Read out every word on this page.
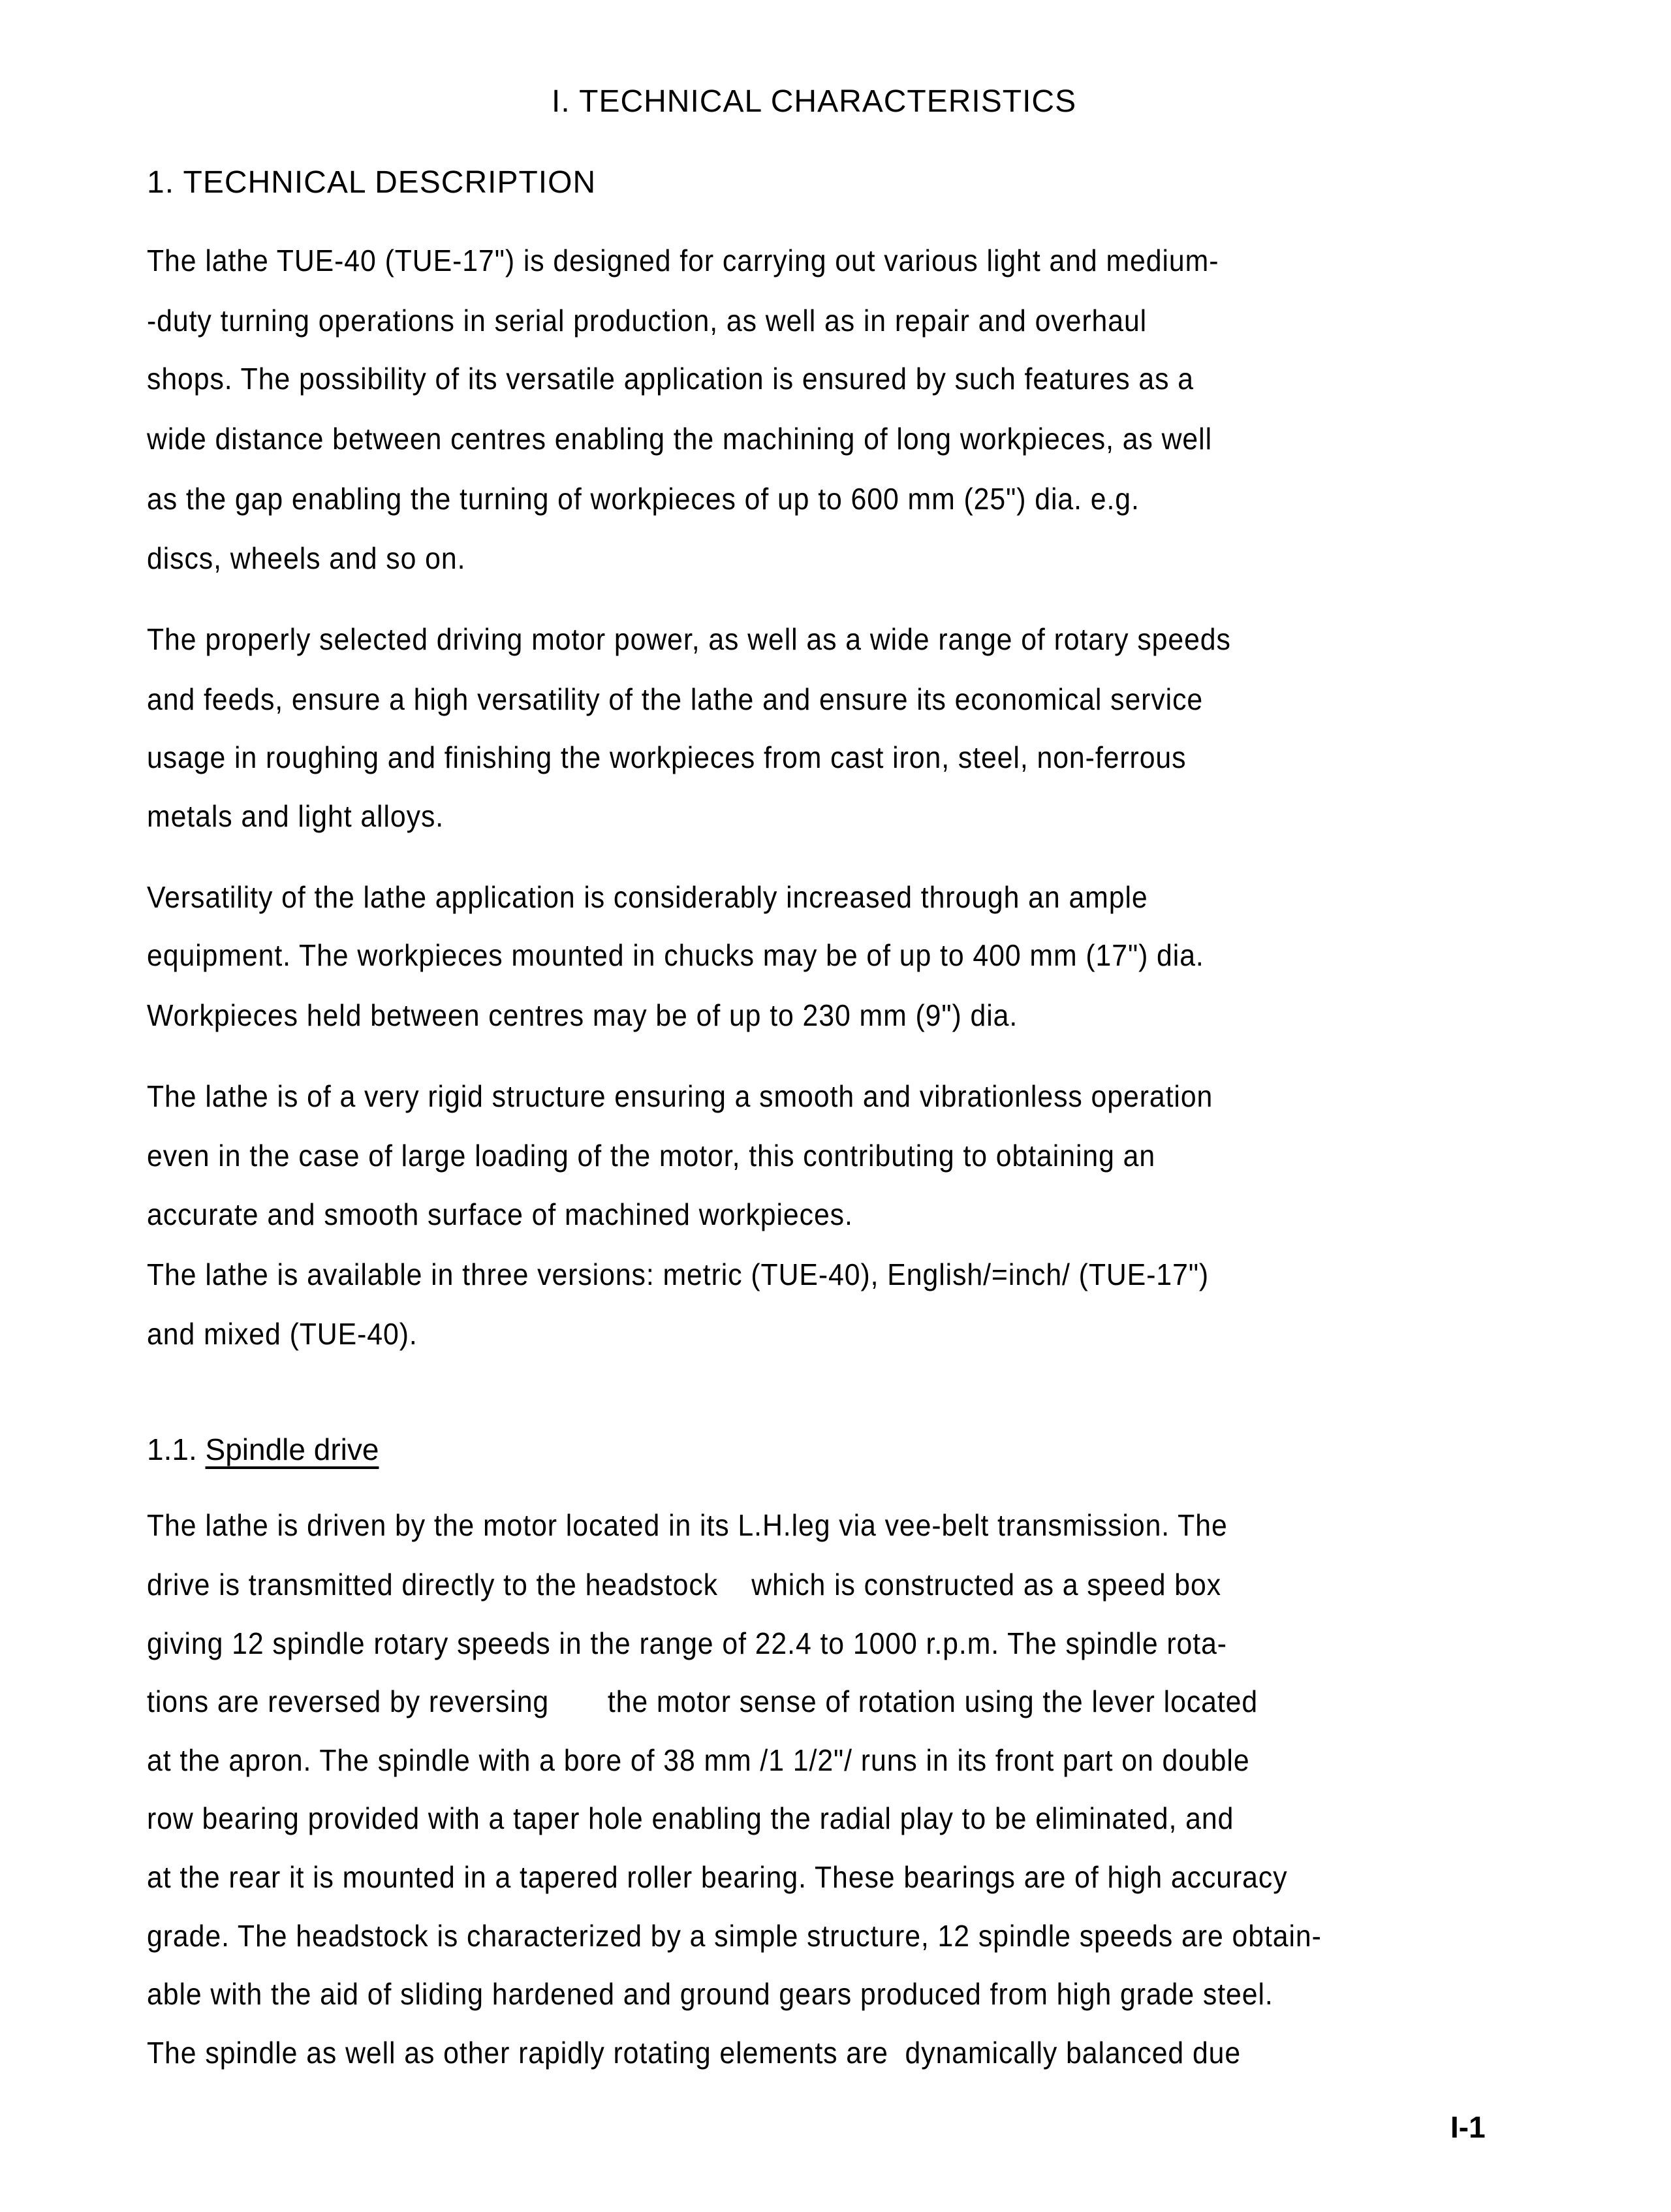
I. TECHNICAL CHARACTERISTICS
1. TECHNICAL DESCRIPTION
The lathe TUE-40 (TUE-17") is designed for carrying out various light and medium-
-duty turning operations in serial production, as well as in repair and overhaul
shops. The possibility of its versatile application is ensured by such features as a
wide distance between centres enabling the machining of long workpieces, as well
as the gap enabling the turning of workpieces of up to 600 mm (25") dia. e.g.
discs, wheels and so on.
The properly selected driving motor power, as well as a wide range of rotary speeds
and feeds, ensure a high versatility of the lathe and ensure its economical service
usage in roughing and finishing the workpieces from cast iron, steel, non-ferrous
metals and light alloys.
Versatility of the lathe application is considerably increased through an ample
equipment. The workpieces mounted in chucks may be of up to 400 mm (17") dia.
Workpieces held between centres may be of up to 230 mm (9") dia.
The lathe is of a very rigid structure ensuring a smooth and vibrationless operation
even in the case of large loading of the motor, this contributing to obtaining an
accurate and smooth surface of machined workpieces.
The lathe is available in three versions: metric (TUE-40), English/=inch/ (TUE-17")
and mixed (TUE-40).
1.1. Spindle drive
The lathe is driven by the motor located in its L.H.leg via vee-belt transmission. The
drive is transmitted directly to the headstock    which is constructed as a speed box
giving 12 spindle rotary speeds in the range of 22.4 to 1000 r.p.m. The spindle rota-
tions are reversed by reversing       the motor sense of rotation using the lever located
at the apron. The spindle with a bore of 38 mm /1 1/2"/ runs in its front part on double
row bearing provided with a taper hole enabling the radial play to be eliminated, and
at the rear it is mounted in a tapered roller bearing. These bearings are of high accuracy
grade. The headstock is characterized by a simple structure, 12 spindle speeds are obtain-
able with the aid of sliding hardened and ground gears produced from high grade steel.
The spindle as well as other rapidly rotating elements are  dynamically balanced due
I-1
